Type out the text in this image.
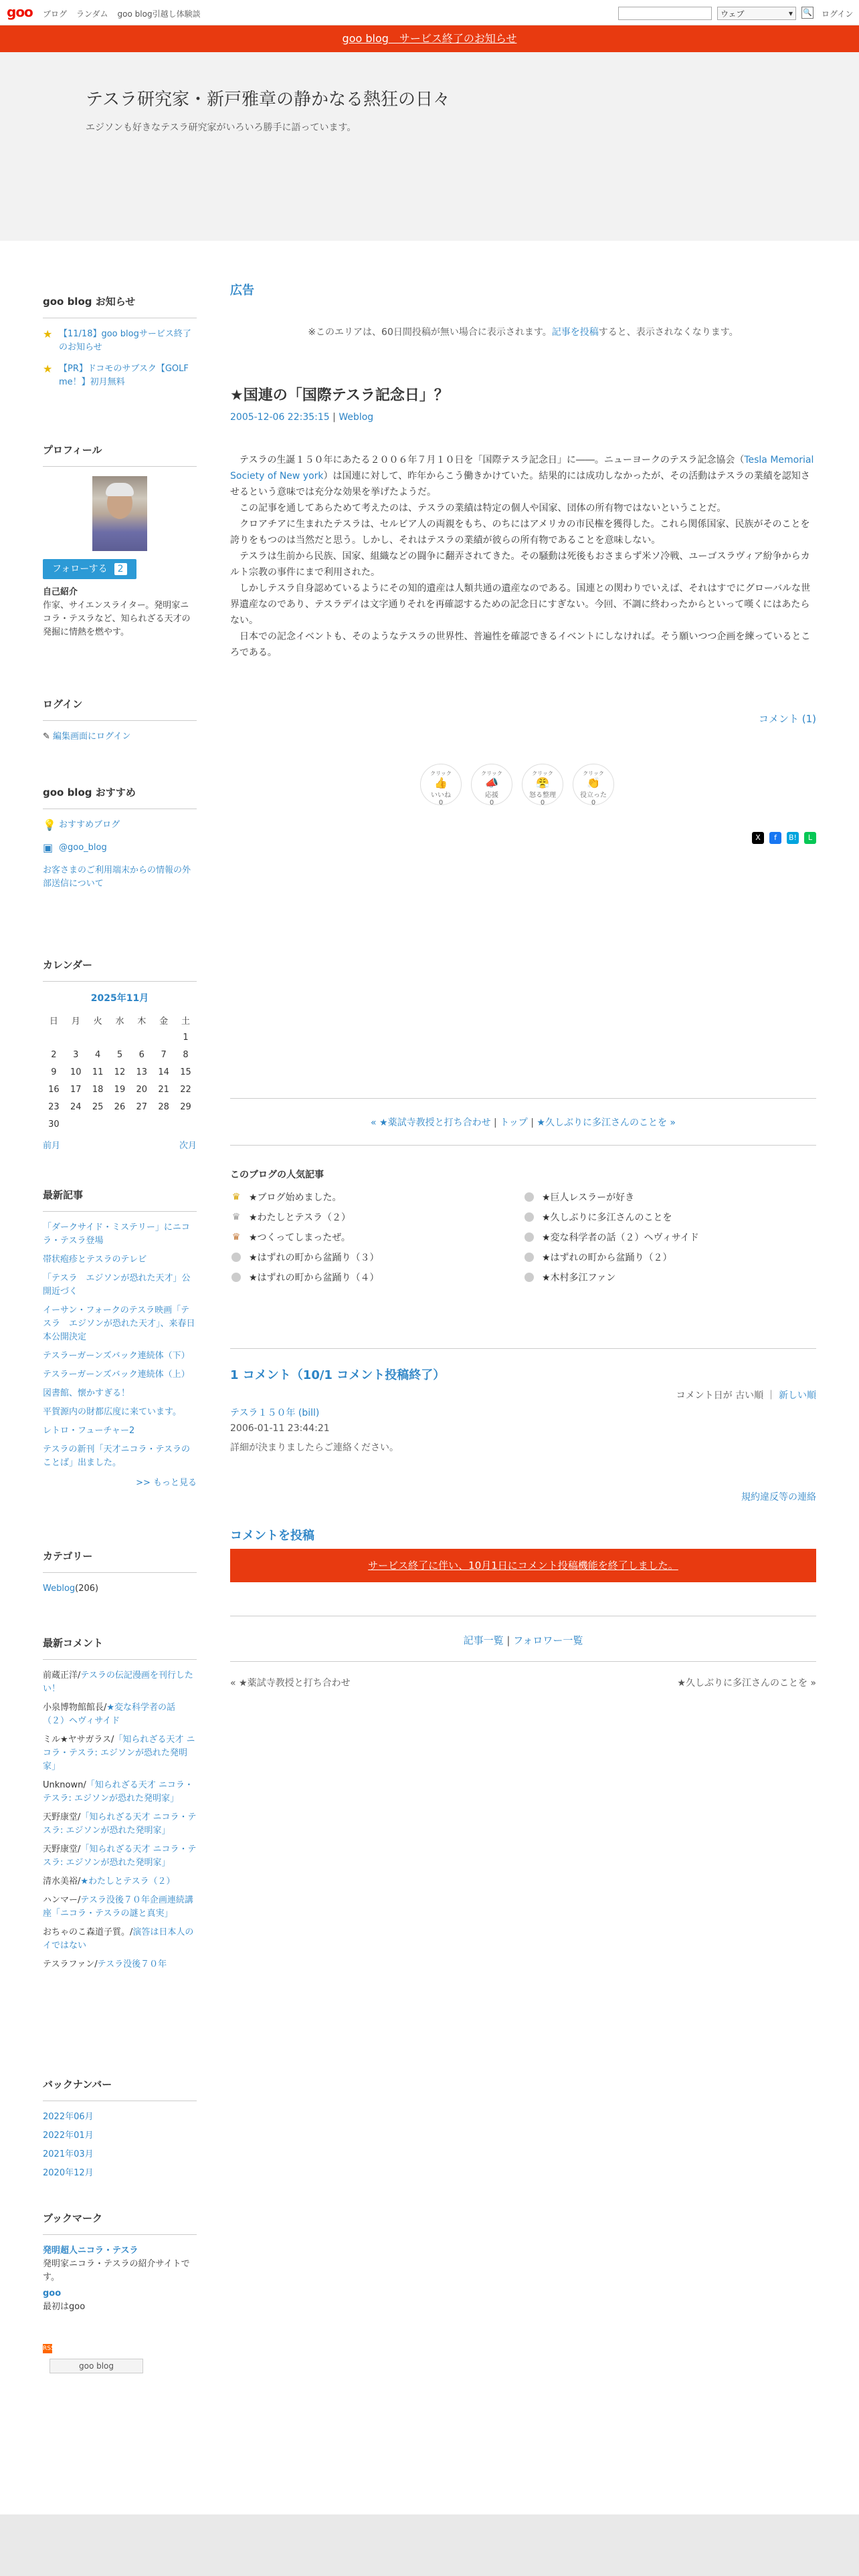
goo ブログ ランダム goo blog引越し体験談	ウェブ	▾ 🔍 ログイン
goo blog　サービス終了のお知らせ
テスラ研究家・新戸雅章の静かなる熱狂の日々
エジソンも好きなテスラ研究家がいろいろ勝手に語っています。
goo blog お知らせ
★ 【11/18】goo blogサービス終了のお知らせ
★ 【PR】ドコモのサブスク【GOLF me！】初月無料
プロフィール
フォローする 2

自己紹介

作家、サイエンスライター。発明家ニコラ・テスラなど、知られざる天才の発掘に情熱を燃やす。

ログイン
✎ 編集画面にログイン
goo blog おすすめ
💡 おすすめブログ
▣ @goo_blog

お客さまのご利用端末からの情報の外部送信について

カレンダー
2025年11月
日	月	火	水	木	金	土
						1
2	3	4	5	6	7	8
9	10	11	12	13	14	15
16	17	18	19	20	21	22
23	24	25	26	27	28	29
30						
前月	次月
最新記事
「ダークサイド・ミステリー」にニコラ・テスラ登場
帯状疱疹とテスラのテレビ
「テスラ　エジソンが恐れた天才」公開近づく
イーサン・フォークのテスラ映画「テスラ　エジソンが恐れた天才」、来春日本公開決定
テスラーガーンズバック連続体（下）
テスラーガーンズバック連続体（上）
図書館、懐かすぎる！
平賀源内の財都広度に来ています。
レトロ・フューチャー2
テスラの新刊「天才ニコラ・テスラのことば」出ました。
>> もっと見る
カテゴリー
Weblog(206)
最新コメント
前蔵正洋/テスラの伝記漫画を刊行したい！
小泉博物館館長/★変な科学者の話（２）ヘヴィサイド
ミル★ヤサガラス/「知られざる天才 ニコラ・テスラ: エジソンが恐れた発明家」
Unknown/「知られざる天才 ニコラ・テスラ: エジソンが恐れた発明家」
天野康堂/「知られざる天才 ニコラ・テスラ: エジソンが恐れた発明家」
天野康堂/「知られざる天才 ニコラ・テスラ: エジソンが恐れた発明家」
清水美裕/★わたしとテスラ（２）
ハンマー/テスラ没後７０年企画連続講座「ニコラ・テスラの謎と真実」
おちゃのこ森道子質。/演答は日本人のイではない
テスラファン/テスラ没後７０年
バックナンバー
2022年06月
2022年01月
2021年03月
2020年12月
ブックマーク

発明超人ニコラ・テスラ

発明家ニコラ・テスラの紹介サイトです。

goo

最初はgoo

RSS
goo blog
広告
※このエリアは、60日間投稿が無い場合に表示されます。記事を投稿すると、表示されなくなります。
★国連の「国際テスラ記念日」？
2005-12-06 22:35:15 | Weblog

テスラの生誕１５０年にあたる２００６年７月１０日を「国際テスラ記念日」に――。ニューヨークのテスラ記念協会（Tesla Memorial Society of New york）は国連に対して、昨年からこう働きかけていた。結果的には成功しなかったが、その活動はテスラの業績を認知させるという意味では充分な効果を挙げたようだ。

この記事を通してあらためて考えたのは、テスラの業績は特定の個人や国家、団体の所有物ではないということだ。

クロアチアに生まれたテスラは、セルビア人の両親をもち、のちにはアメリカの市民権を獲得した。これら関係国家、民族がそのことを誇りをもつのは当然だと思う。しかし、それはテスラの業績が彼らの所有物であることを意味しない。

テスラは生前から民族、国家、組織などの闘争に翻弄されてきた。その騒動は死後もおさまらず米ソ冷戦、ユーゴスラヴィア紛争からカルト宗教の事件にまで利用された。

しかしテスラ自身認めているようにその知的遺産は人類共通の遺産なのである。国連との関わりでいえば、それはすでにグローバルな世界遺産なのであり、テスラデイは文字通りそれを再確認するための記念日にすぎない。今回、不調に終わったからといって嘆くにはあたらない。

日本での記念イベントも、そのようなテスラの世界性、普遍性を確認できるイベントにしなければ。そう願いつつ企画を練っているところである。

コメント (1)
クリック
👍
いいね
0
クリック
📣
応援
0
クリック
😤
怒る整理
0
クリック
👏
役立った
0
X	f	B!	L
« ★薬試寺教授と打ち合わせ | トップ | ★久しぶりに多江さんのことを »
このブログの人気記事
♛ ★ブログ始めました。	★巨人レスラーが好き
♛ ★わたしとテスラ（２）	★久しぶりに多江さんのことを
♛ ★つくってしまったぜ。	★変な科学者の話（２）ヘヴィサイド
★はずれの町から盆踊り（３）	★はずれの町から盆踊り（２）
★はずれの町から盆踊り（４）	★木村多江ファン
1 コメント（10/1 コメント投稿終了）
コメント日が 古い順 ｜ 新しい順
テスラ１５０年 (bill)
2006-01-11 23:44:21
詳細が決まりましたらご連絡ください。
規約違反等の連絡
コメントを投稿
サービス終了に伴い、10月1日にコメント投稿機能を終了しました。
記事一覧 | フォロワー一覧
« ★薬試寺教授と打ち合わせ	★久しぶりに多江さんのことを »
